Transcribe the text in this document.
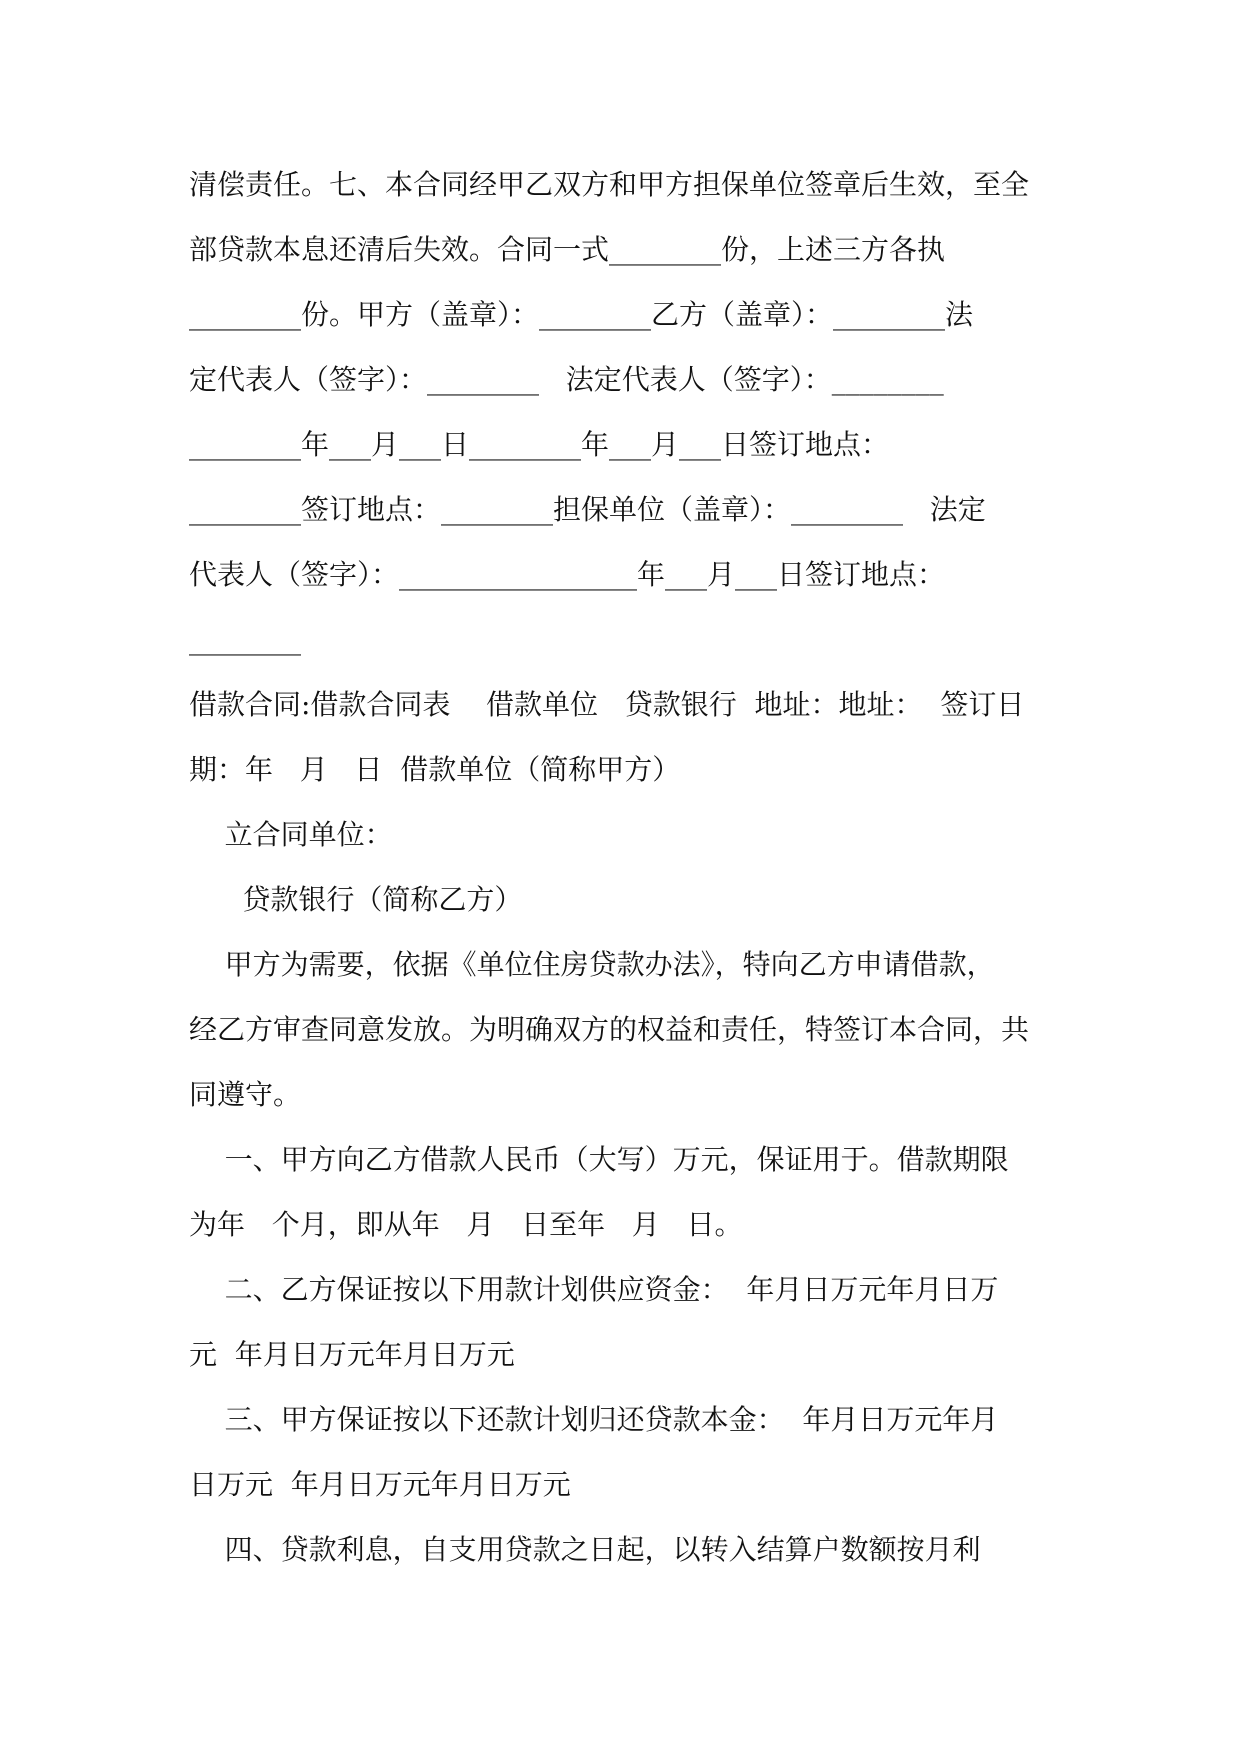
清偿责任。七、本合同经甲乙双方和甲方担保单位签章后生效，至全

部贷款本息还清后失效。合同一式________份，上述三方各执

________份。甲方（盖章）：________乙方（盖章）：________法

定代表人（签字）：________   法定代表人（签字）：________

________年___月___日________年___月___日签订地点：

________签订地点：________担保单位（盖章）：________   法定

代表人（签字）：_________________年___月___日签订地点：

________

借款合同:借款合同表    借款单位   贷款银行  地址：地址：  签订日

期：年   月   日  借款单位（简称甲方）

立合同单位：

贷款银行（简称乙方）

甲方为需要，依据《单位住房贷款办法》，特向乙方申请借款，

经乙方审查同意发放。为明确双方的权益和责任，特签订本合同，共

同遵守。

一、甲方向乙方借款人民币（大写）万元，保证用于。借款期限

为年   个月，即从年   月   日至年   月   日。

二、乙方保证按以下用款计划供应资金：  年月日万元年月日万

元  年月日万元年月日万元

三、甲方保证按以下还款计划归还贷款本金：  年月日万元年月

日万元  年月日万元年月日万元

四、贷款利息，自支用贷款之日起，以转入结算户数额按月利
